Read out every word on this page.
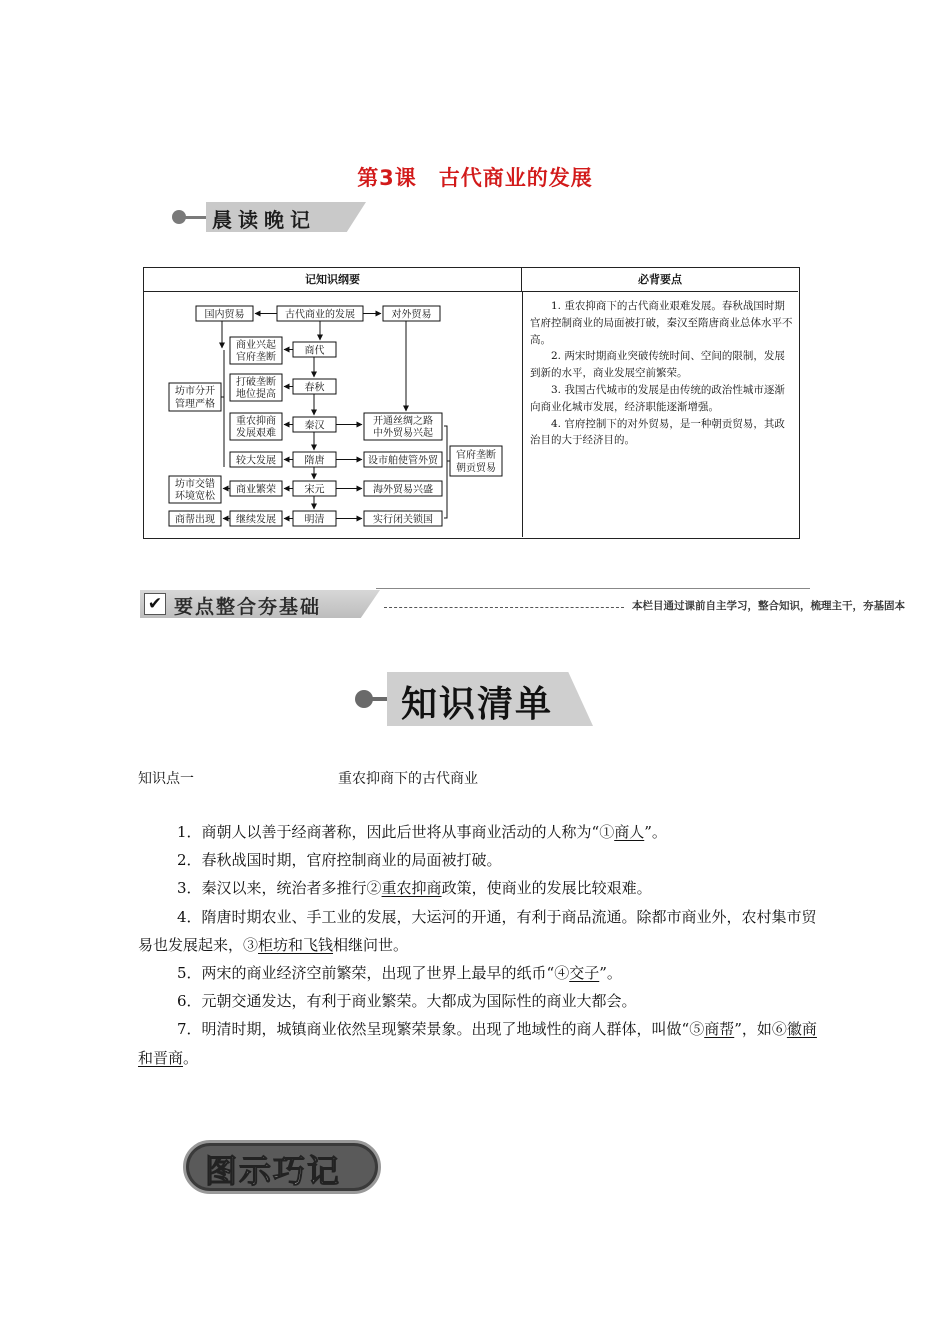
第3课　古代商业的发展
晨读晚记
记知识纲要	必背要点
国内贸易	古代商业的发展	对外贸易
商代
春秋
秦汉
隋唐
宋元
明清
商业兴起
官府垄断
打破垄断
地位提高
重农抑商
发展艰难
较大发展
商业繁荣
继续发展
坊市分开
管理严格
坊市交错
环境宽松
商帮出现
开通丝绸之路
中外贸易兴起
设市舶使管外贸
海外贸易兴盛
实行闭关锁国
官府垄断
朝贡贸易

1. 重农抑商下的古代商业艰难发展。春秋战国时期官府控制商业的局面被打破，秦汉至隋唐商业总体水平不高。

2. 两宋时期商业突破传统时间、空间的限制，发展到新的水平，商业发展空前繁荣。

3. 我国古代城市的发展是由传统的政治性城市逐渐向商业化城市发展，经济职能逐渐增强。

4. 官府控制下的对外贸易，是一种朝贡贸易，其政治目的大于经济目的。

✔ 要点整合夯基础	本栏目通过课前自主学习，整合知识，梳理主干，夯基固本
知识清单
知识点一	重农抑商下的古代商业

1．商朝人以善于经商著称，因此后世将从事商业活动的人称为“①商人”。

2．春秋战国时期，官府控制商业的局面被打破。

3．秦汉以来，统治者多推行②重农抑商政策，使商业的发展比较艰难。

4．隋唐时期农业、手工业的发展，大运河的开通，有利于商品流通。除都市商业外，农村集市贸易也发展起来，③柜坊和飞钱相继问世。

5．两宋的商业经济空前繁荣，出现了世界上最早的纸币“④交子”。

6．元朝交通发达，有利于商业繁荣。大都成为国际性的商业大都会。

7．明清时期，城镇商业依然呈现繁荣景象。出现了地域性的商人群体，叫做“⑤商帮”，如⑥徽商和晋商。

图示巧记
